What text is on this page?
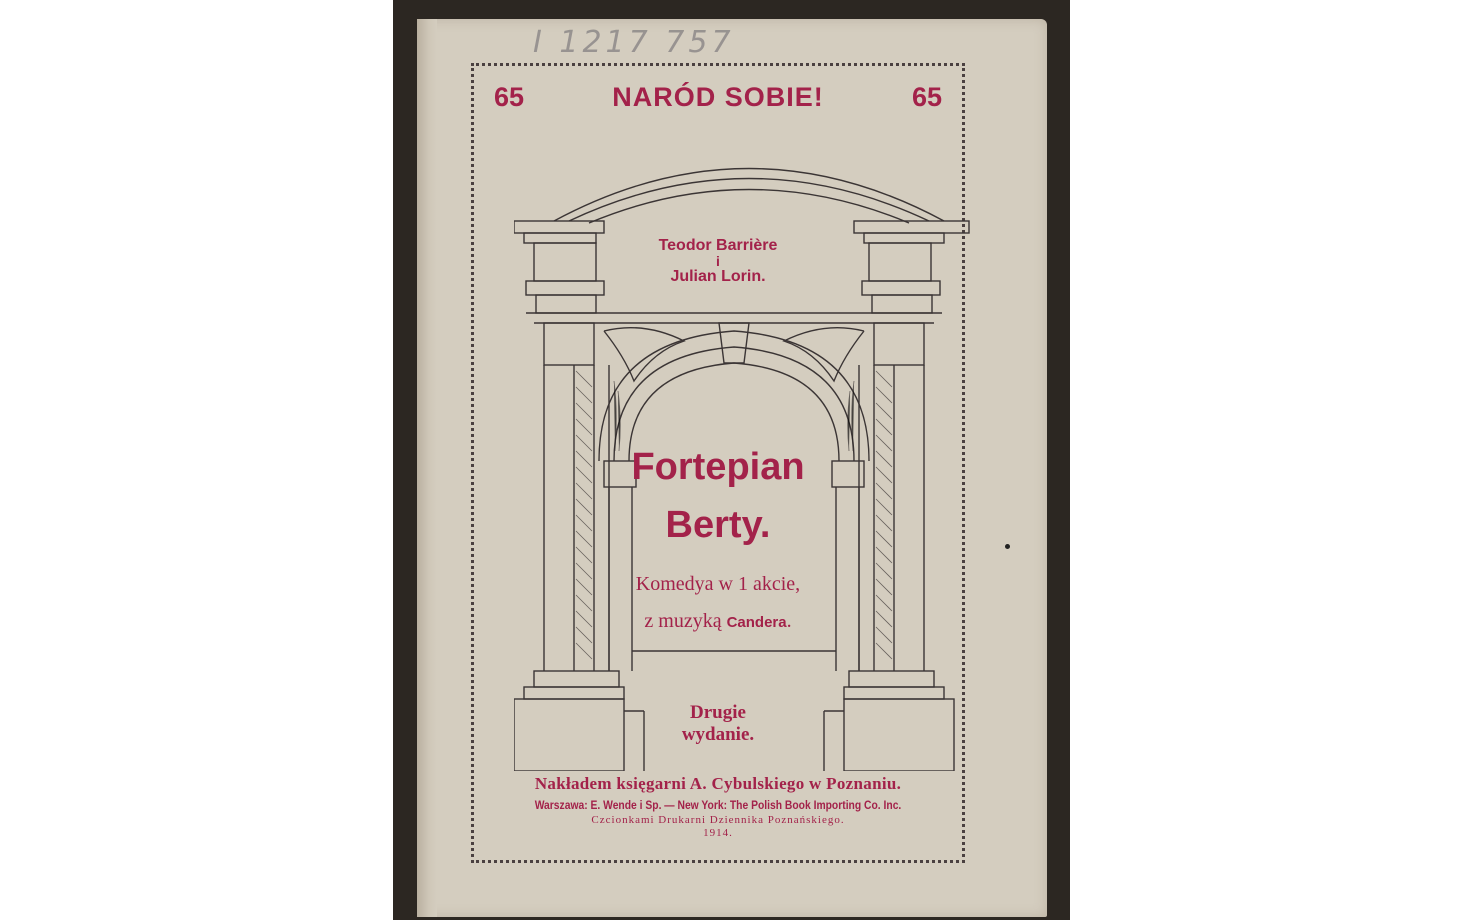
I 1217 757
65	NARÓD SOBIE!	65
Teodor Barrière
i
Julian Lorin.
Fortepian
Berty.
Komedya w 1 akcie,
z muzyką Candera.
Drugie
wydanie.
Nakładem księgarni A. Cybulskiego w Poznaniu.
Warszawa: E. Wende i Sp. — New York: The Polish Book Importing Co. Inc.
Czcionkami Drukarni Dziennika Poznańskiego.
1914.
